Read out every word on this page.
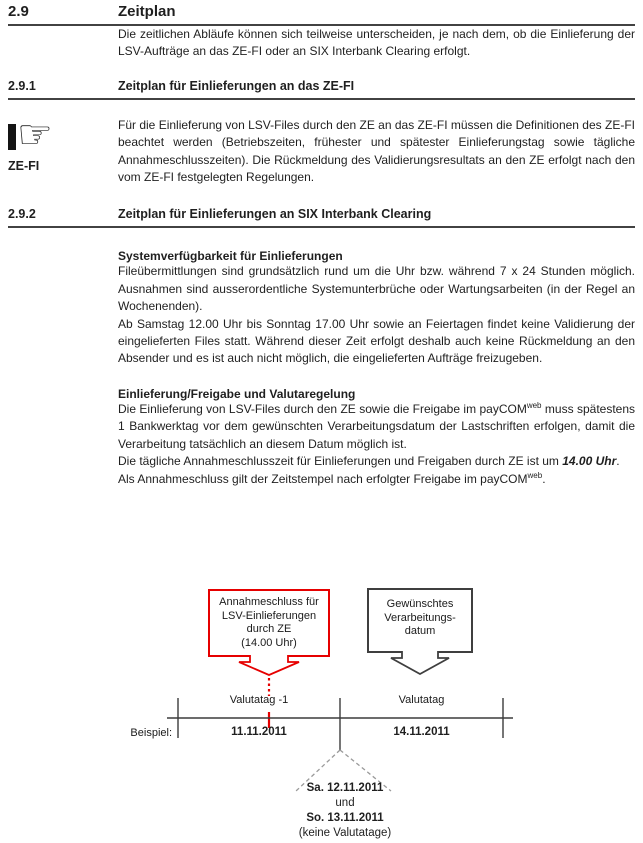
2.9	Zeitplan

Die zeitlichen Abläufe können sich teilweise unterscheiden, je nach dem, ob die Einlieferung der LSV-Aufträge an das ZE-FI oder an SIX Interbank Clearing erfolgt.

2.9.1	Zeitplan für Einlieferungen an das ZE-FI
☞
ZE-FI

Für die Einlieferung von LSV-Files durch den ZE an das ZE-FI müssen die Definitionen des ZE-FI beachtet werden (Betriebszeiten, frühester und spätester Einlieferungstag sowie tägliche Annahmeschlusszeiten). Die Rückmeldung des Validierungsresultats an den ZE erfolgt nach den vom ZE-FI festgelegten Regelungen.

2.9.2	Zeitplan für Einlieferungen an SIX Interbank Clearing
Systemverfügbarkeit für Einlieferungen

Fileübermittlungen sind grundsätzlich rund um die Uhr bzw. während 7 x 24 Stunden möglich. Ausnahmen sind ausserordentliche Systemunterbrüche oder Wartungsarbeiten (in der Regel an Wochenenden).

Ab Samstag 12.00 Uhr bis Sonntag 17.00 Uhr sowie an Feiertagen findet keine Validierung der eingelieferten Files statt. Während dieser Zeit erfolgt deshalb auch keine Rückmeldung an den Absender und es ist auch nicht möglich, die eingelieferten Aufträge freizugeben.

Einlieferung/Freigabe und Valutaregelung

Die Einlieferung von LSV-Files durch den ZE sowie die Freigabe im payCOM$^{web}$ muss spätestens 1 Bankwerktag vor dem gewünschten Verarbeitungsdatum der Lastschriften erfolgen, damit die Verarbeitung tatsächlich an diesem Datum möglich ist.

Die tägliche Annahmeschlusszeit für Einlieferungen und Freigaben durch ZE ist um 14.00 Uhr.

Als Annahmeschluss gilt der Zeitstempel nach erfolgter Freigabe im payCOM$^{web}$.

Annahmeschluss für
LSV-Einlieferungen
durch ZE
(14.00 Uhr)
Gewünschtes
Verarbeitungs-
datum
Valutatag -1	Valutatag
Beispiel:	11.11.2011	14.11.2011
Sa. 12.11.2011
und
So. 13.11.2011
(keine Valutatage)
